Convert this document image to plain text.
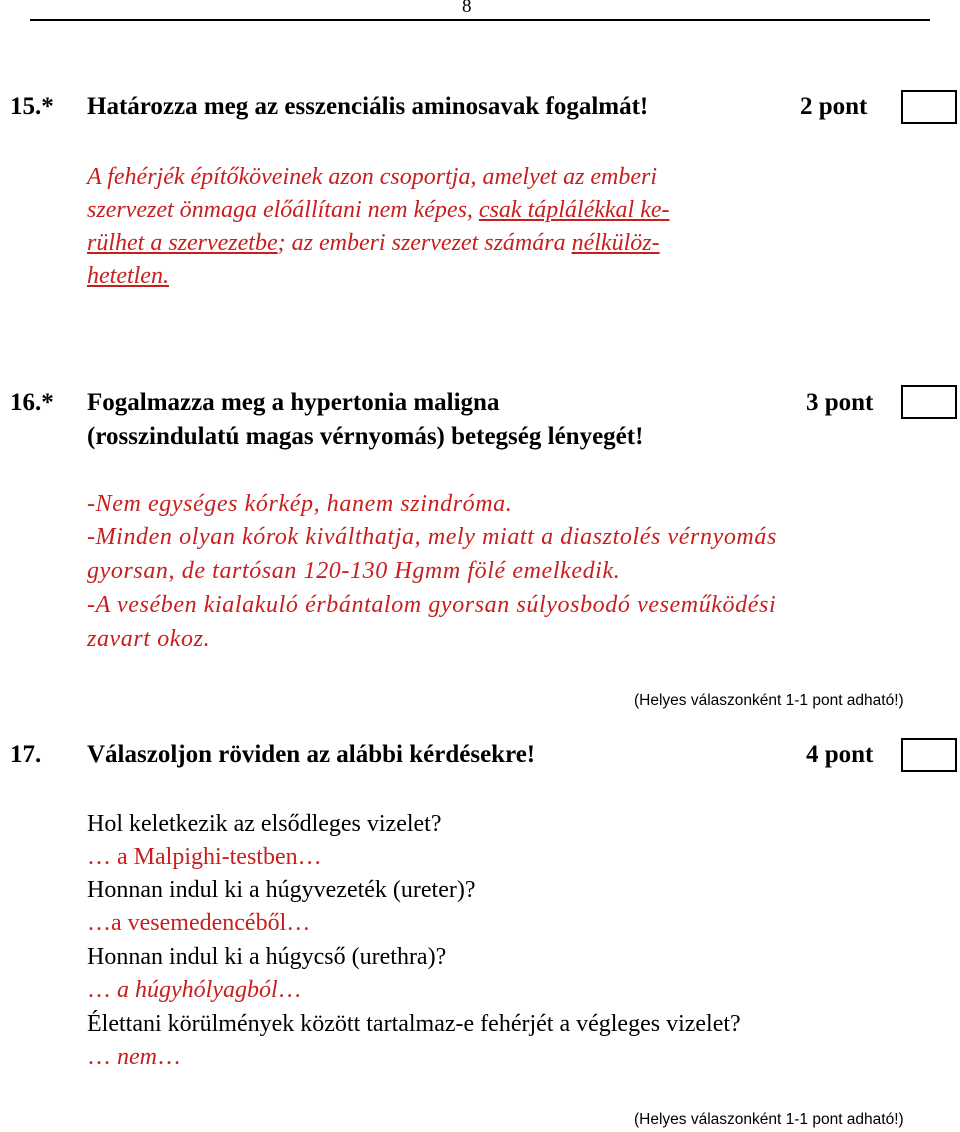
8
15.* Határozza meg az esszenciális aminosavak fogalmát!	2 pont
A fehérjék építőköveinek azon csoportja, amelyet az emberi
szervezet önmaga előállítani nem képes, csak táplálékkal ke-
rülhet a szervezetbe; az emberi szervezet számára nélkülöz-
hetetlen.
16.* Fogalmazza meg a hypertonia maligna
(rosszindulatú magas vérnyomás) betegség lényegét!
3 pont
-Nem egységes kórkép, hanem szindróma.
-Minden olyan kórok kiválthatja, mely miatt a diasztolés vérnyomás
gyorsan, de tartósan 120-130 Hgmm fölé emelkedik.
-A vesében kialakuló érbántalom gyorsan súlyosbodó veseműködési
zavart okoz.
(Helyes válaszonként 1-1 pont adható!)
17. Válaszoljon röviden az alábbi kérdésekre!	4 pont
Hol keletkezik az elsődleges vizelet?
… a Malpighi-testben…
Honnan indul ki a húgyvezeték (ureter)?
…a vesemedencéből…
Honnan indul ki a húgycső (urethra)?
… a húgyhólyagból…
Élettani körülmények között tartalmaz-e fehérjét a végleges vizelet?
… nem…
(Helyes válaszonként 1-1 pont adható!)
